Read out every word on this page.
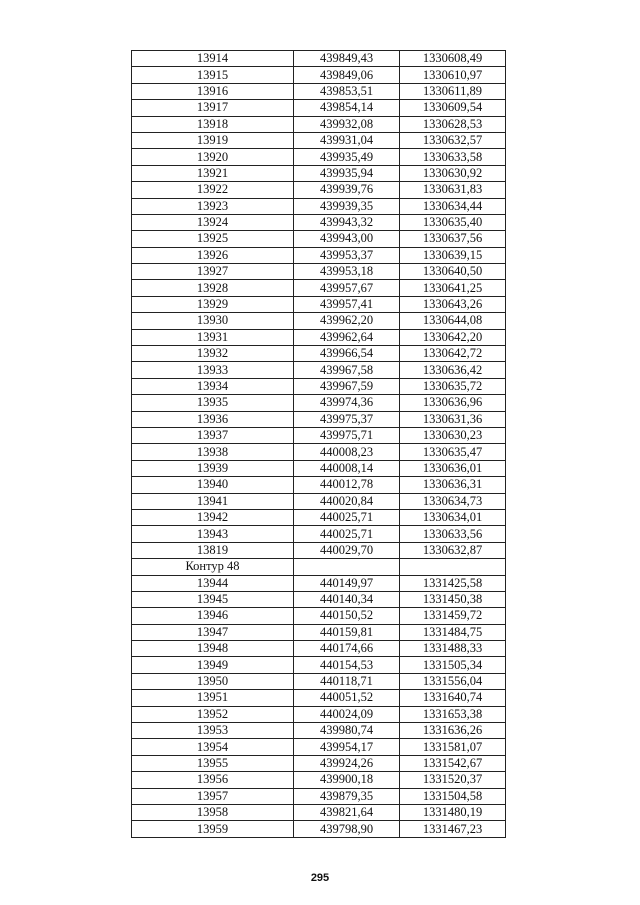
13914	439849,43	1330608,49
13915	439849,06	1330610,97
13916	439853,51	1330611,89
13917	439854,14	1330609,54
13918	439932,08	1330628,53
13919	439931,04	1330632,57
13920	439935,49	1330633,58
13921	439935,94	1330630,92
13922	439939,76	1330631,83
13923	439939,35	1330634,44
13924	439943,32	1330635,40
13925	439943,00	1330637,56
13926	439953,37	1330639,15
13927	439953,18	1330640,50
13928	439957,67	1330641,25
13929	439957,41	1330643,26
13930	439962,20	1330644,08
13931	439962,64	1330642,20
13932	439966,54	1330642,72
13933	439967,58	1330636,42
13934	439967,59	1330635,72
13935	439974,36	1330636,96
13936	439975,37	1330631,36
13937	439975,71	1330630,23
13938	440008,23	1330635,47
13939	440008,14	1330636,01
13940	440012,78	1330636,31
13941	440020,84	1330634,73
13942	440025,71	1330634,01
13943	440025,71	1330633,56
13819	440029,70	1330632,87
Контур 48		
13944	440149,97	1331425,58
13945	440140,34	1331450,38
13946	440150,52	1331459,72
13947	440159,81	1331484,75
13948	440174,66	1331488,33
13949	440154,53	1331505,34
13950	440118,71	1331556,04
13951	440051,52	1331640,74
13952	440024,09	1331653,38
13953	439980,74	1331636,26
13954	439954,17	1331581,07
13955	439924,26	1331542,67
13956	439900,18	1331520,37
13957	439879,35	1331504,58
13958	439821,64	1331480,19
13959	439798,90	1331467,23
295
